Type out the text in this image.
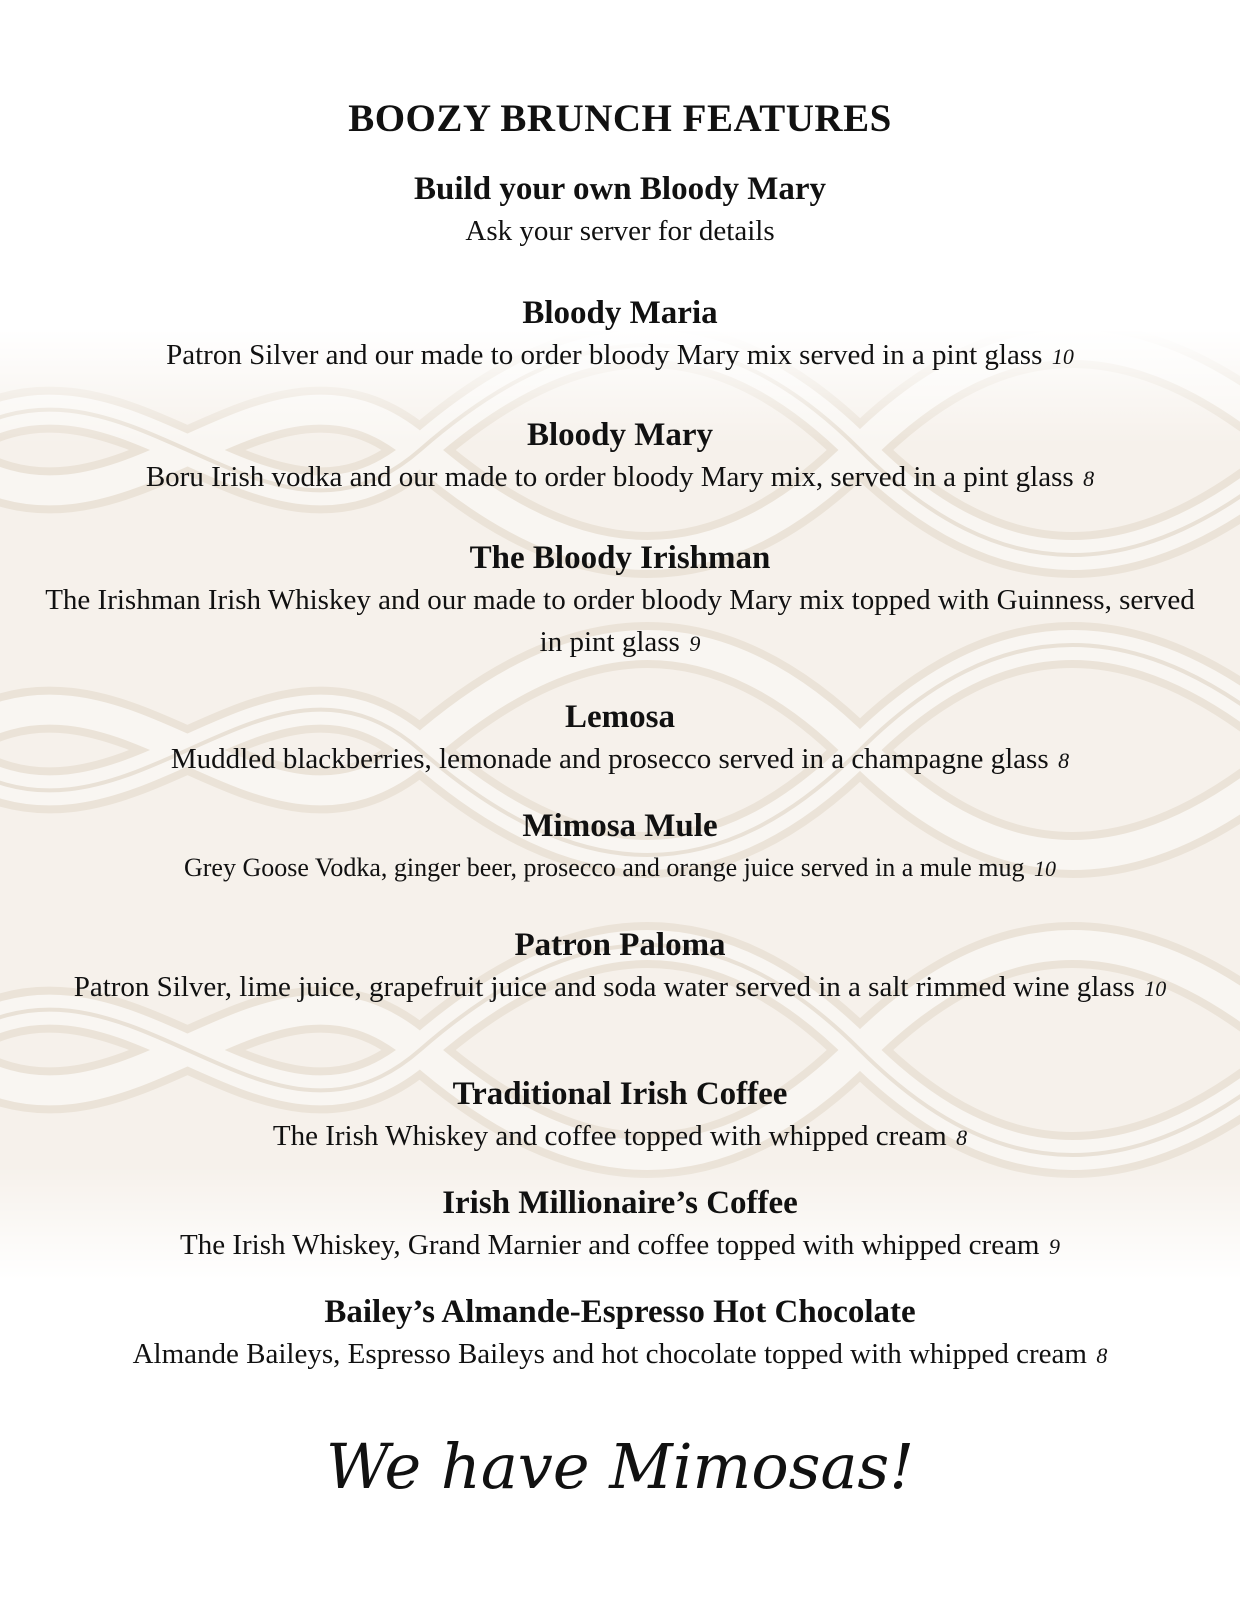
BOOZY BRUNCH FEATURES

Build your own Bloody Mary

Ask your server for details

Bloody Maria

Patron Silver and our made to order bloody Mary mix served in a pint glass 10

Bloody Mary

Boru Irish vodka and our made to order bloody Mary mix, served in a pint glass 8

The Bloody Irishman

The Irishman Irish Whiskey and our made to order bloody Mary mix topped with Guinness, served in pint glass 9

Lemosa

Muddled blackberries, lemonade and prosecco served in a champagne glass 8

Mimosa Mule

Grey Goose Vodka, ginger beer, prosecco and orange juice served in a mule mug 10

Patron Paloma

Patron Silver, lime juice, grapefruit juice and soda water served in a salt rimmed wine glass 10

Traditional Irish Coffee

The Irish Whiskey and coffee topped with whipped cream 8

Irish Millionaire’s Coffee

The Irish Whiskey, Grand Marnier and coffee topped with whipped cream 9

Bailey’s Almande-Espresso Hot Chocolate

Almande Baileys, Espresso Baileys and hot chocolate topped with whipped cream 8

We have Mimosas!
